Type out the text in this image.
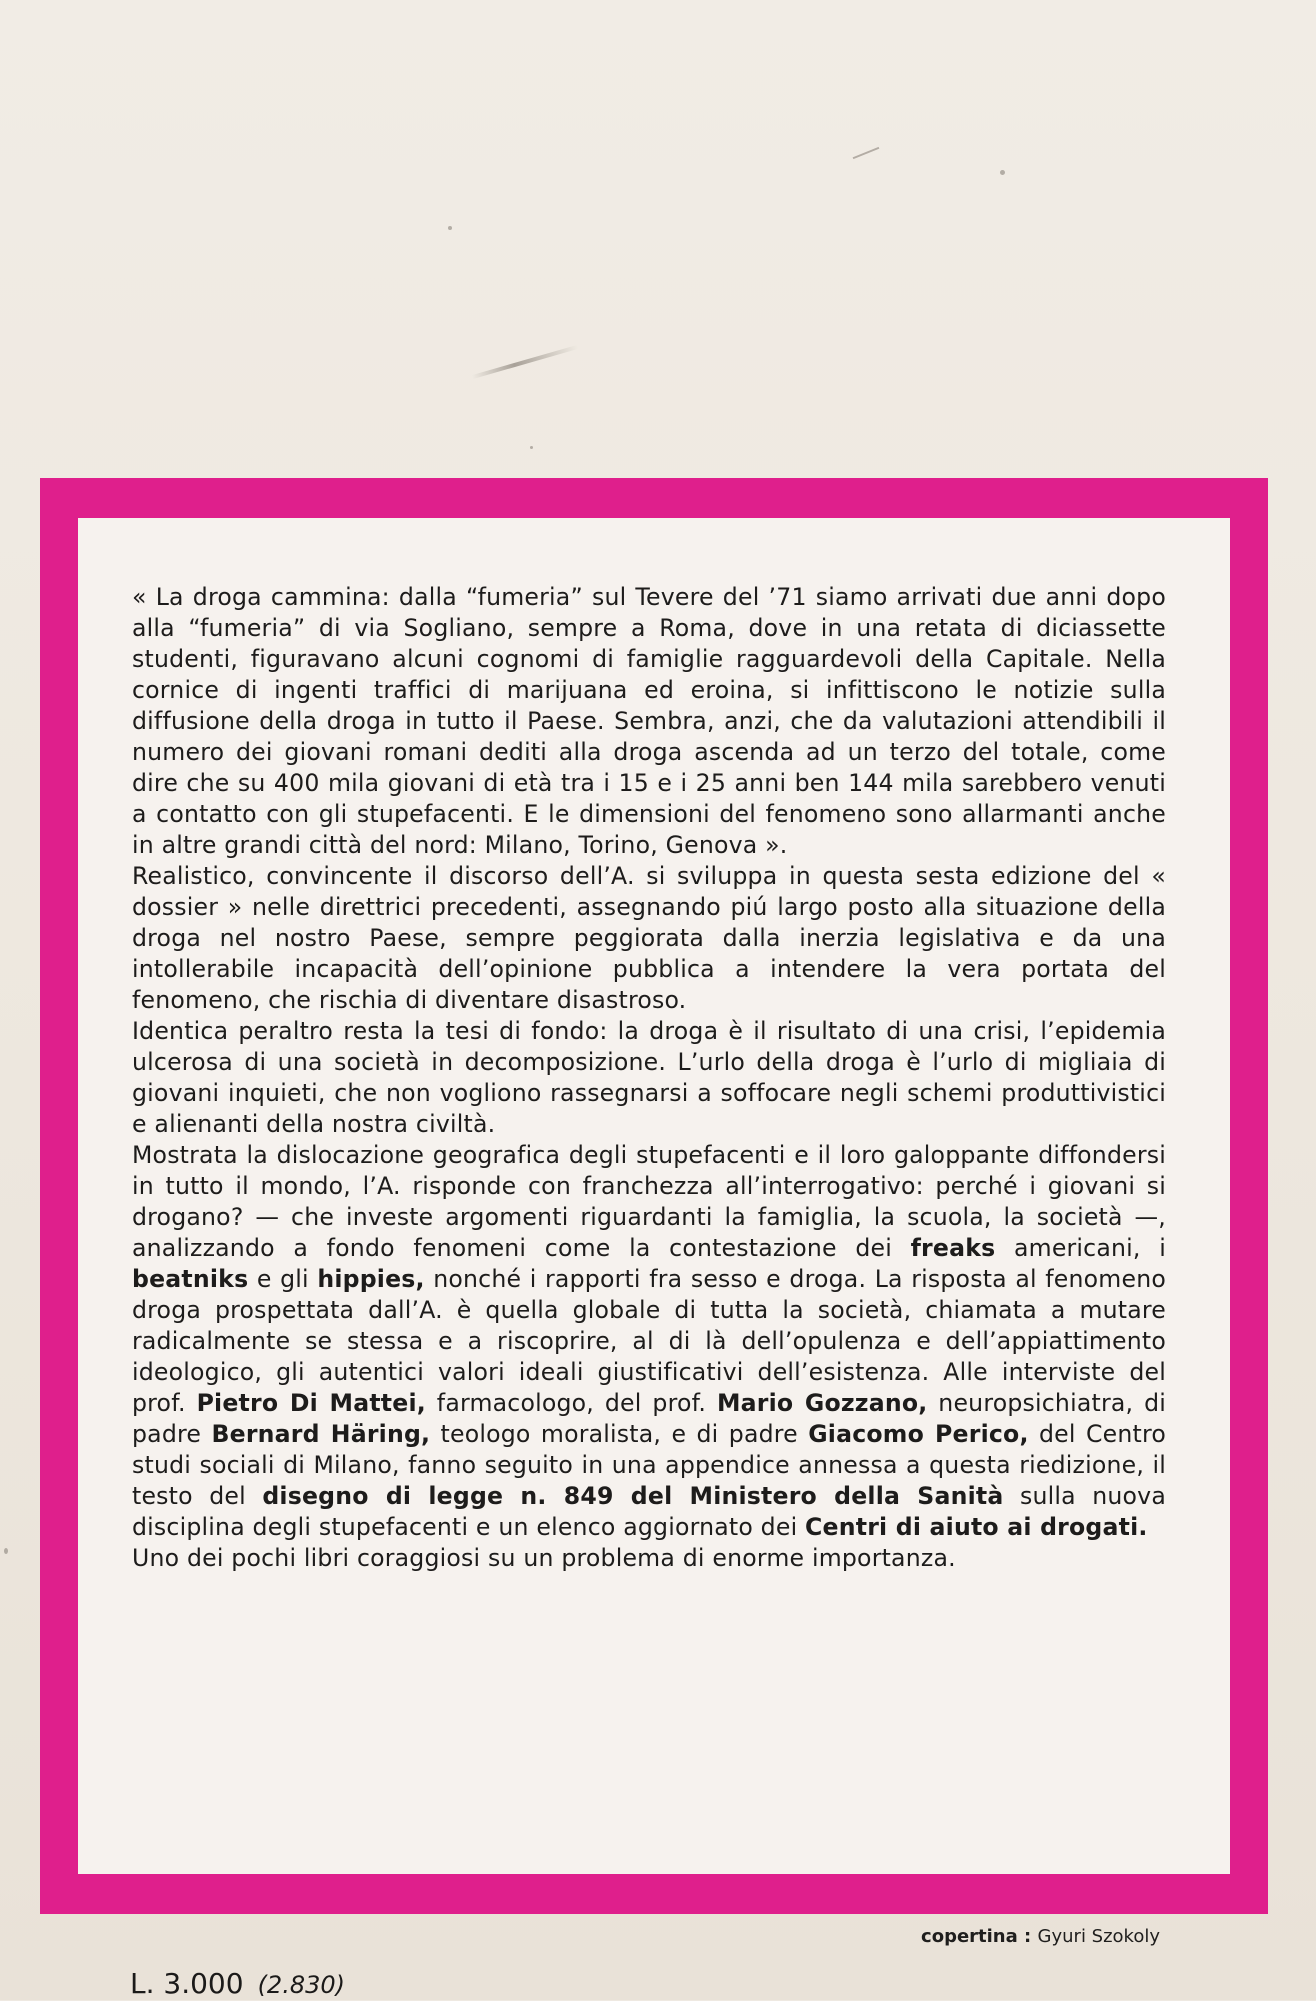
« La droga cammina: dalla “fumeria” sul Tevere del ’71 siamo arrivati due anni dopo alla “fumeria” di via Sogliano, sempre a Roma, dove in una retata di diciassette studenti, figuravano alcuni cognomi di famiglie ragguardevoli della Capitale. Nella cornice di ingenti traffici di marijuana ed eroina, si infittiscono le notizie sulla diffusione della droga in tutto il Paese. Sembra, anzi, che da valutazioni attendibili il numero dei giovani romani dediti alla droga ascenda ad un terzo del totale, come dire che su 400 mila giovani di età tra i 15 e i 25 anni ben 144 mila sarebbero venuti a contatto con gli stupefacenti. E le dimensioni del fenomeno sono allarmanti anche in altre grandi città del nord: Milano, Torino, Genova ».

Realistico, convincente il discorso dell’A. si sviluppa in questa sesta edizione del « dossier » nelle direttrici precedenti, assegnando piú largo posto alla situazione della droga nel nostro Paese, sempre peggiorata dalla inerzia legislativa e da una intollerabile incapacità dell’opinione pubblica a intendere la vera portata del fenomeno, che rischia di diventare disastroso.

Identica peraltro resta la tesi di fondo: la droga è il risultato di una crisi, l’epidemia ulcerosa di una società in decomposizione. L’urlo della droga è l’urlo di migliaia di giovani inquieti, che non vogliono rassegnarsi a soffocare negli schemi produttivistici e alienanti della nostra civiltà.

Mostrata la dislocazione geografica degli stupefacenti e il loro galoppante diffondersi in tutto il mondo, l’A. risponde con franchezza all’interrogativo: perché i giovani si drogano? — che investe argomenti riguardanti la famiglia, la scuola, la società —, analizzando a fondo fenomeni come la contestazione dei freaks americani, i beatniks e gli hippies, nonché i rapporti fra sesso e droga. La risposta al fenomeno droga prospettata dall’A. è quella globale di tutta la società, chiamata a mutare radicalmente se stessa e a riscoprire, al di là dell’opulenza e dell’appiattimento ideologico, gli autentici valori ideali giustificativi dell’esistenza. Alle interviste del prof. Pietro Di Mattei, farmacologo, del prof. Mario Gozzano, neuropsichiatra, di padre Bernard Häring, teologo moralista, e di padre Giacomo Perico, del Centro studi sociali di Milano, fanno seguito in una appendice annessa a questa riedizione, il testo del disegno di legge n. 849 del Ministero della Sanità sulla nuova disciplina degli stupefacenti e un elenco aggiornato dei Centri di aiuto ai drogati.

Uno dei pochi libri coraggiosi su un problema di enorme importanza.

copertina : Gyuri Szokoly
L. 3.000 (2.830)
